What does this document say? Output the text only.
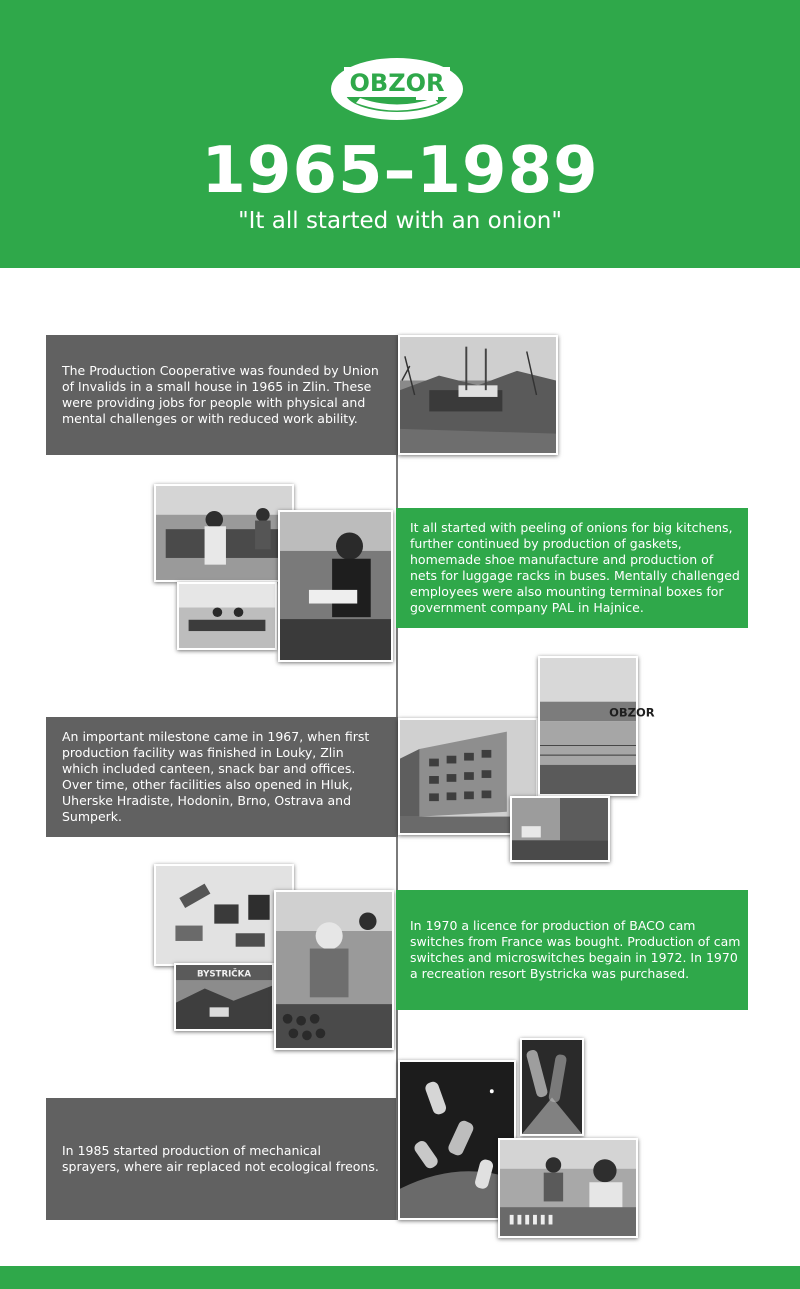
OBZOR
1965–1989
"It all started with an onion"
The Production Cooperative was founded by Union of Invalids in a small house in 1965 in Zlin. These were providing jobs for people with physical and mental challenges or with reduced work ability.
It all started with peeling of onions for big kitchens, further continued by production of gaskets, homemade shoe manufacture and production of nets for luggage racks in buses. Mentally challenged employees were also mounting terminal boxes for government company PAL in Hajnice.
An important milestone came in 1967, when first production facility was finished in Louky, Zlin which included canteen, snack bar and offices. Over time, other facilities also opened in Hluk, Uherske Hradiste, Hodonin, Brno, Ostrava and Sumperk.
OBZOR
BYSTRIČKA
In 1970 a licence for production of BACO cam switches from France was bought. Production of cam switches and microswitches begain in 1972. In 1970 a recreation resort Bystricka was purchased.
In 1985 started production of mechanical sprayers, where air replaced not ecological freons.
